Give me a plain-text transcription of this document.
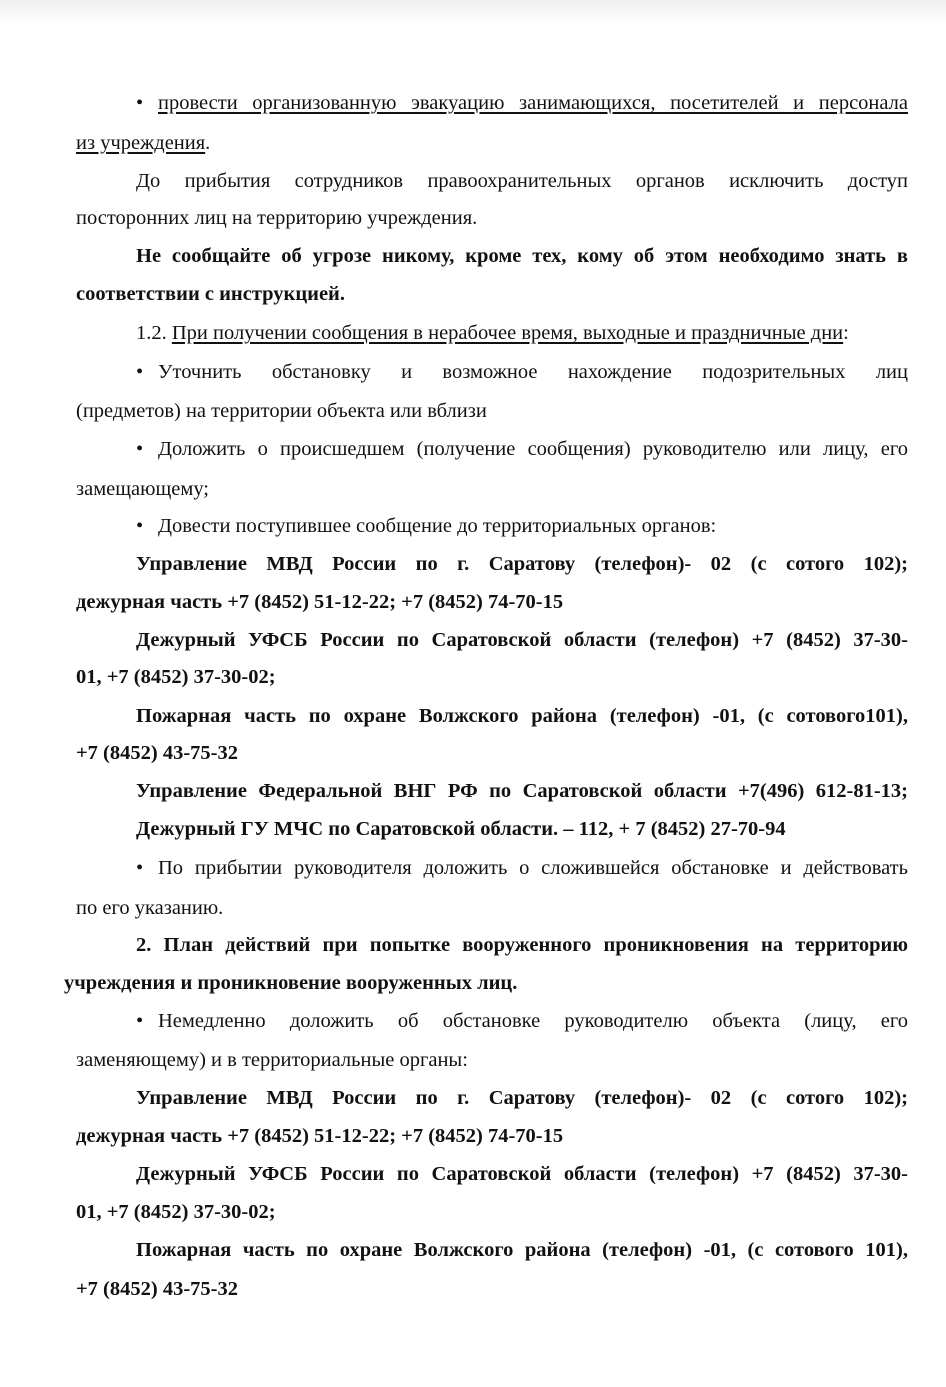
• провести организованную эвакуацию занимающихся, посетителей и персонала
из учреждения.
До прибытия сотрудников правоохранительных органов исключить доступ
посторонних лиц на территорию учреждения.
Не сообщайте об угрозе никому, кроме тех, кому об этом необходимо знать в
соответствии с инструкцией.
1.2. При получении сообщения в нерабочее время, выходные и праздничные дни:
• Уточнить обстановку и возможное нахождение подозрительных лиц
(предметов) на территории объекта или вблизи
• Доложить о происшедшем (получение сообщения) руководителю или лицу, его
замещающему;
• Довести поступившее сообщение до территориальных органов:
Управление МВД России по г. Саратову (телефон)- 02 (с сотого 102);
дежурная часть +7 (8452) 51-12-22; +7 (8452) 74-70-15
Дежурный УФСБ России по Саратовской области (телефон) +7 (8452) 37-30-
01, +7 (8452) 37-30-02;
Пожарная часть по охране Волжского района (телефон) -01, (с сотового101),
+7 (8452) 43-75-32
Управление Федеральной ВНГ РФ по Саратовской области +7(496) 612-81-13;
Дежурный ГУ МЧС по Саратовской области. – 112, + 7 (8452) 27-70-94
• По прибытии руководителя доложить о сложившейся обстановке и действовать
по его указанию.
2. План действий при попытке вооруженного проникновения на территорию
учреждения и проникновение вооруженных лиц.
• Немедленно доложить об обстановке руководителю объекта (лицу, его
заменяющему) и в территориальные органы:
Управление МВД России по г. Саратову (телефон)- 02 (с сотого 102);
дежурная часть +7 (8452) 51-12-22; +7 (8452) 74-70-15
Дежурный УФСБ России по Саратовской области (телефон) +7 (8452) 37-30-
01, +7 (8452) 37-30-02;
Пожарная часть по охране Волжского района (телефон) -01, (с сотового 101),
+7 (8452) 43-75-32
